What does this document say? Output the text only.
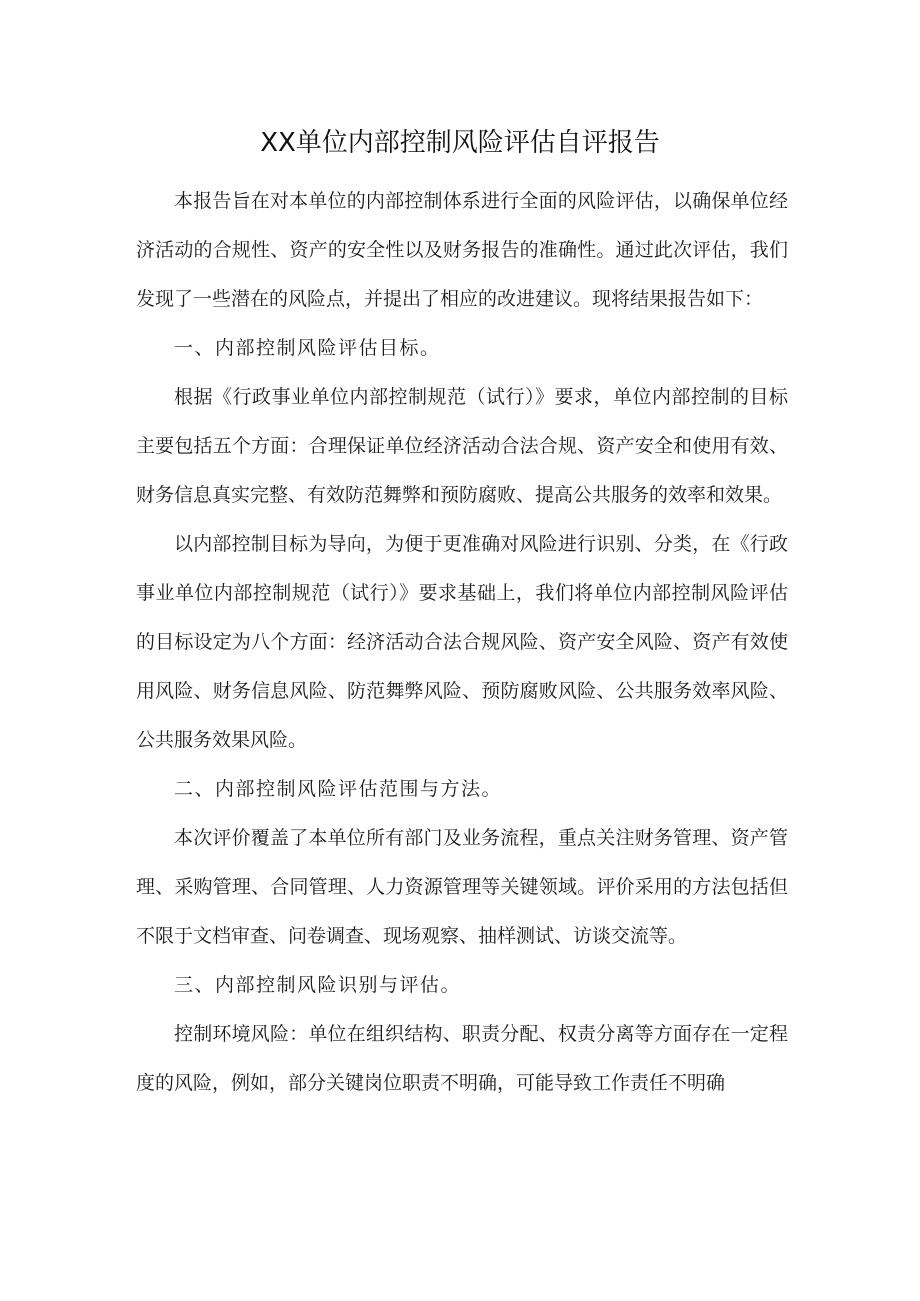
XX单位内部控制风险评估自评报告

本报告旨在对本单位的内部控制体系进行全面的风险评估，以确保单位经济活动的合规性、资产的安全性以及财务报告的准确性。通过此次评估，我们发现了一些潜在的风险点，并提出了相应的改进建议。现将结果报告如下：

一、内部控制风险评估目标。

根据《行政事业单位内部控制规范（试行）》要求，单位内部控制的目标主要包括五个方面：合理保证单位经济活动合法合规、资产安全和使用有效、财务信息真实完整、有效防范舞弊和预防腐败、提高公共服务的效率和效果。

以内部控制目标为导向，为便于更准确对风险进行识别、分类，在《行政事业单位内部控制规范（试行）》要求基础上，我们将单位内部控制风险评估的目标设定为八个方面：经济活动合法合规风险、资产安全风险、资产有效使用风险、财务信息风险、防范舞弊风险、预防腐败风险、公共服务效率风险、公共服务效果风险。

二、内部控制风险评估范围与方法。

本次评价覆盖了本单位所有部门及业务流程，重点关注财务管理、资产管理、采购管理、合同管理、人力资源管理等关键领域。评价采用的方法包括但不限于文档审查、问卷调查、现场观察、抽样测试、访谈交流等。

三、内部控制风险识别与评估。

控制环境风险：单位在组织结构、职责分配、权责分离等方面存在一定程度的风险，例如，部分关键岗位职责不明确，可能导致工作责任不明确
